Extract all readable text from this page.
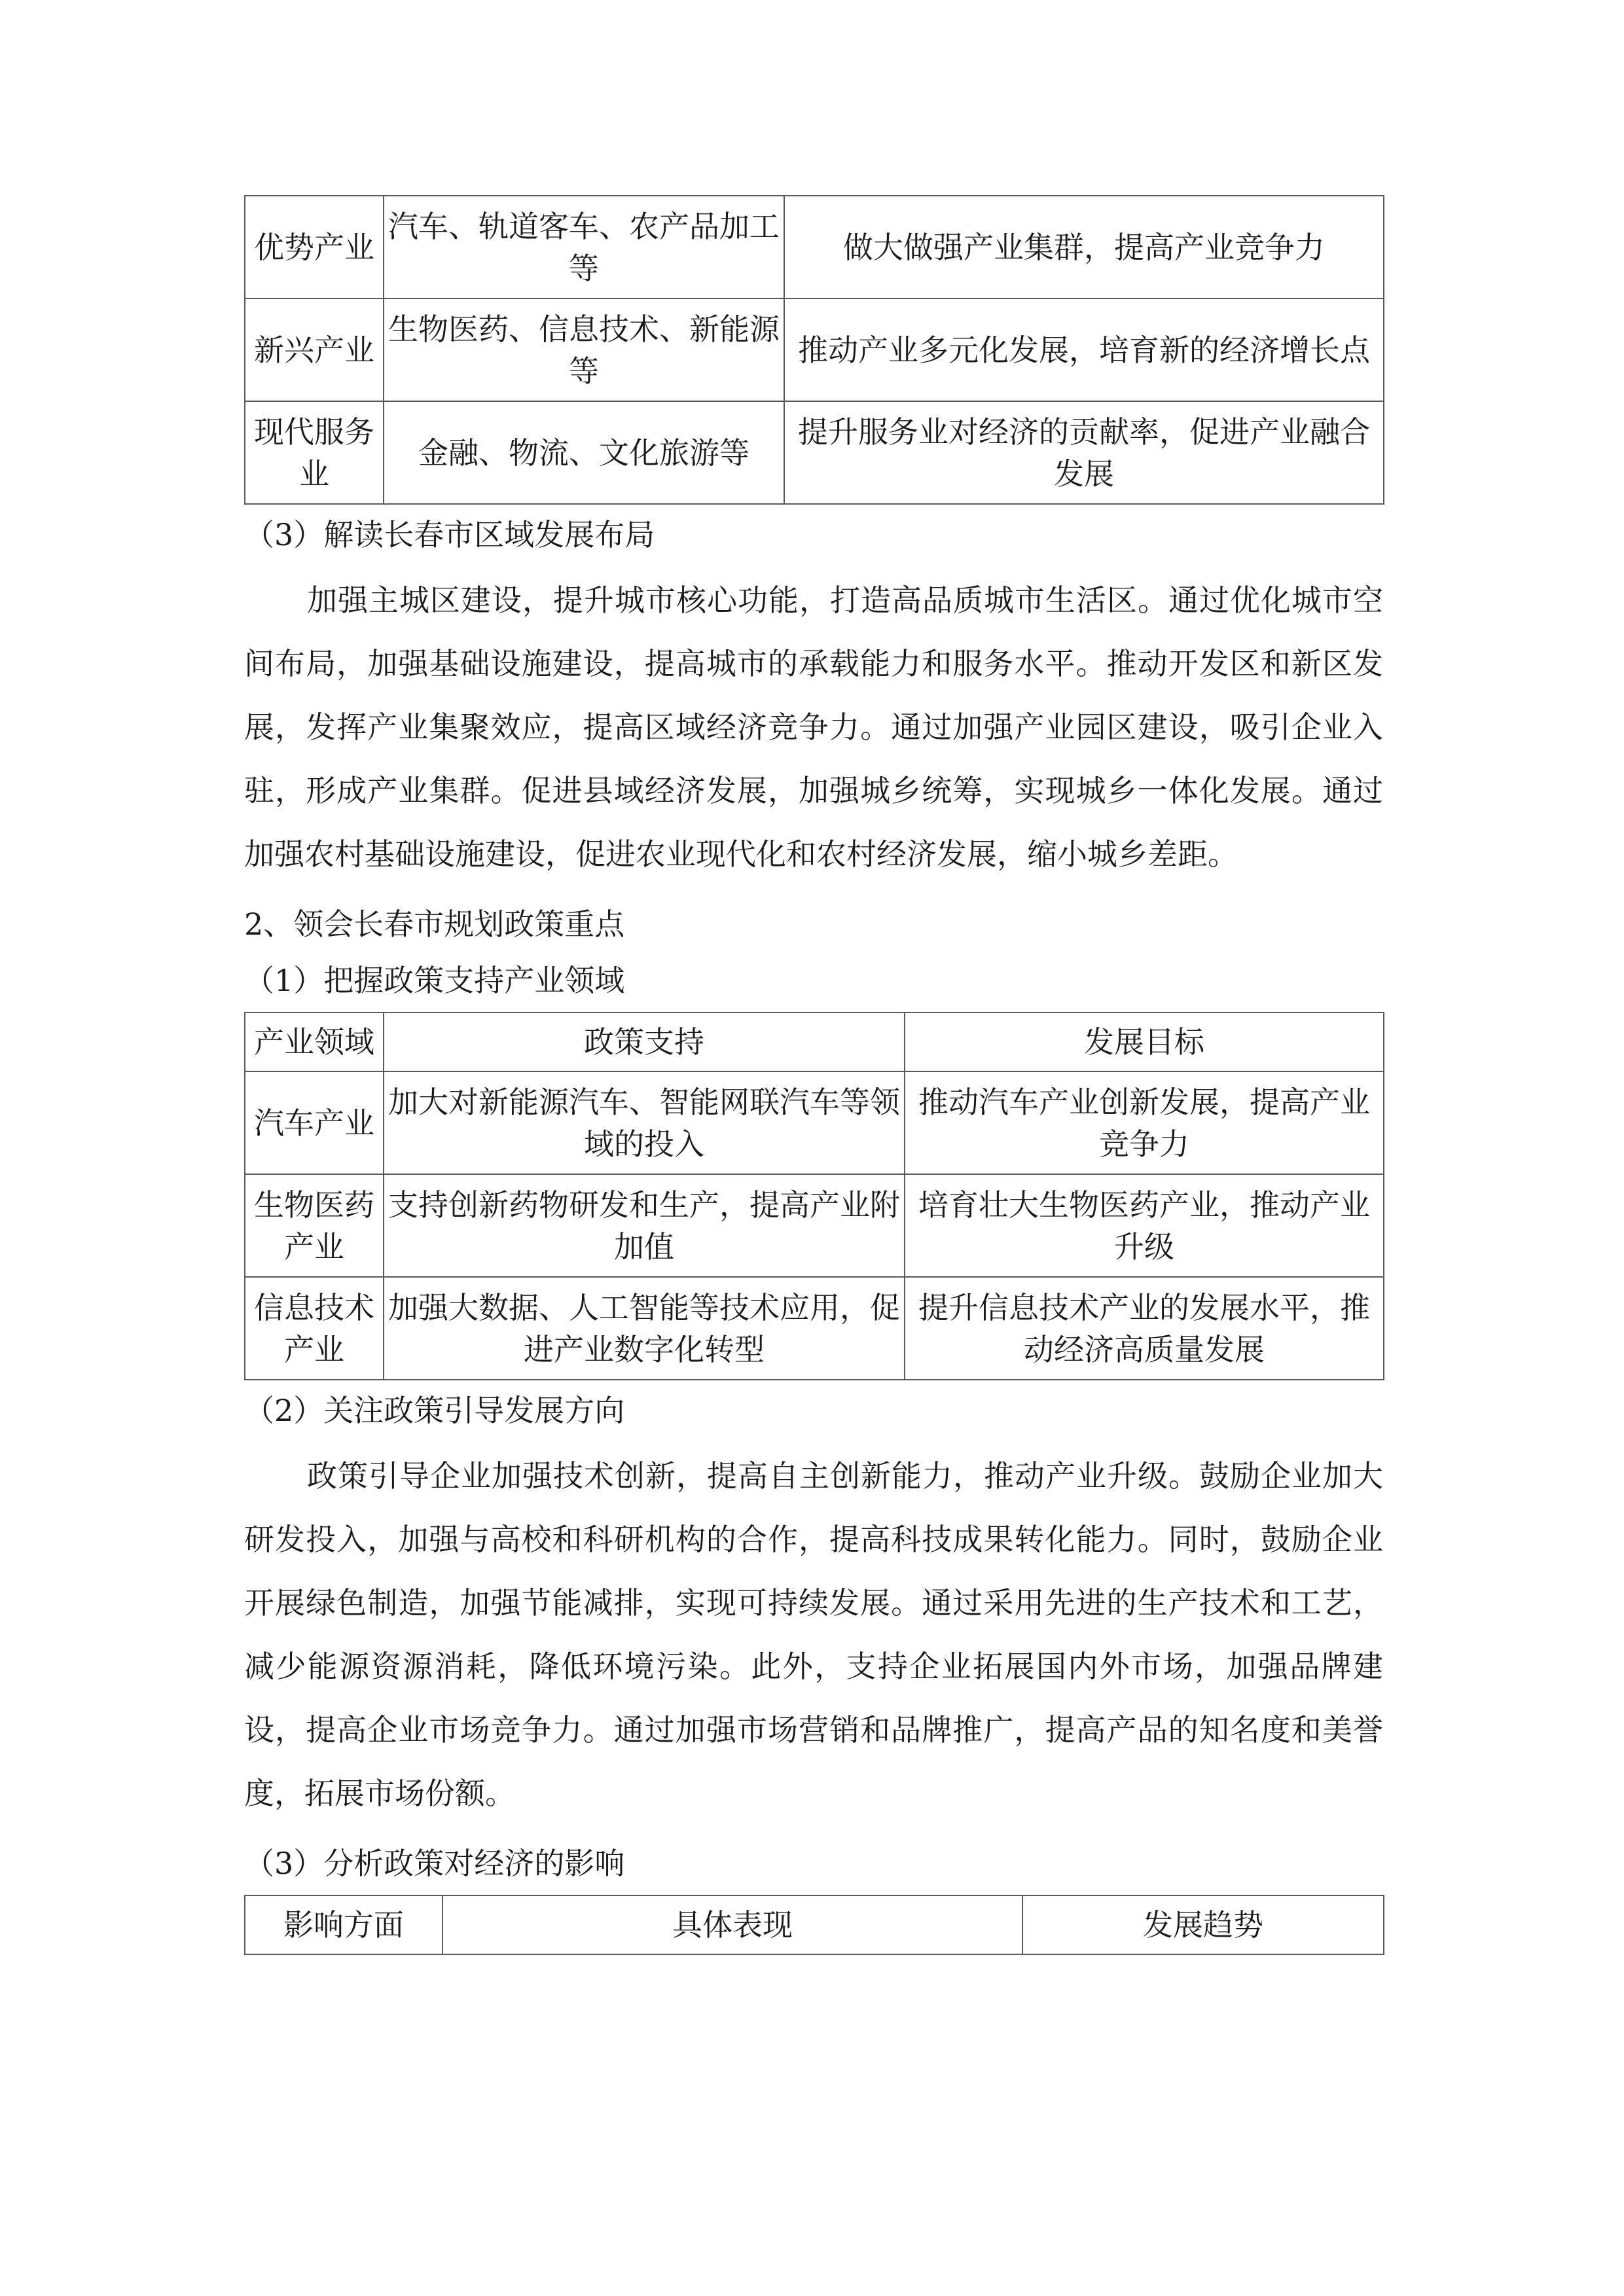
优势产业	汽车、轨道客车、农产品加工等	做大做强产业集群，提高产业竞争力
新兴产业	生物医药、信息技术、新能源等	推动产业多元化发展，培育新的经济增长点
现代服务业	金融、物流、文化旅游等	提升服务业对经济的贡献率，促进产业融合发展

（3）解读长春市区域发展布局

加强主城区建设，提升城市核心功能，打造高品质城市生活区。通过优化城市空间布局，加强基础设施建设，提高城市的承载能力和服务水平。推动开发区和新区发展，发挥产业集聚效应，提高区域经济竞争力。通过加强产业园区建设，吸引企业入驻，形成产业集群。促进县域经济发展，加强城乡统筹，实现城乡一体化发展。通过加强农村基础设施建设，促进农业现代化和农村经济发展，缩小城乡差距。

2、领会长春市规划政策重点

（1）把握政策支持产业领域

产业领域	政策支持	发展目标
汽车产业	加大对新能源汽车、智能网联汽车等领域的投入	推动汽车产业创新发展，提高产业竞争力
生物医药产业	支持创新药物研发和生产，提高产业附加值	培育壮大生物医药产业，推动产业升级
信息技术产业	加强大数据、人工智能等技术应用，促进产业数字化转型	提升信息技术产业的发展水平，推动经济高质量发展

（2）关注政策引导发展方向

政策引导企业加强技术创新，提高自主创新能力，推动产业升级。鼓励企业加大研发投入，加强与高校和科研机构的合作，提高科技成果转化能力。同时，鼓励企业开展绿色制造，加强节能减排，实现可持续发展。通过采用先进的生产技术和工艺，减少能源资源消耗，降低环境污染。此外，支持企业拓展国内外市场，加强品牌建设，提高企业市场竞争力。通过加强市场营销和品牌推广，提高产品的知名度和美誉度，拓展市场份额。

（3）分析政策对经济的影响

影响方面	具体表现	发展趋势
